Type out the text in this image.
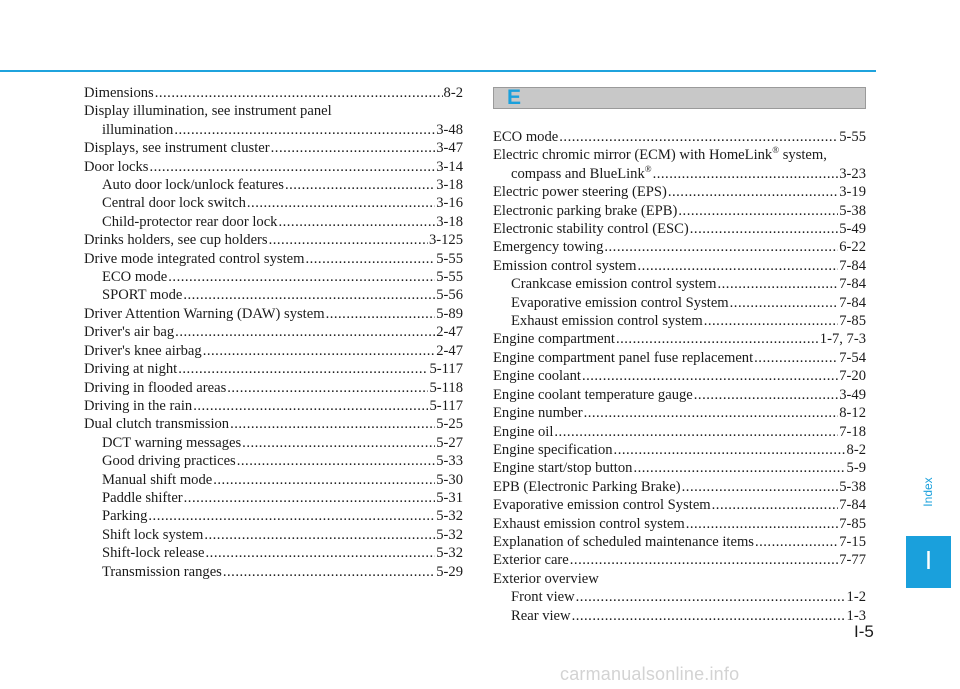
Dimensions .....	8-2
Display illumination, see instrument panel
illumination .....	3-48
Displays, see instrument cluster .....	3-47
Door locks .....	3-14
Auto door lock/unlock features .....	3-18
Central door lock switch .....	3-16
Child-protector rear door lock .....	3-18
Drinks holders, see cup holders .....	3-125
Drive mode integrated control system .....	5-55
ECO mode .....	5-55
SPORT mode .....	5-56
Driver Attention Warning (DAW) system .....	5-89
Driver's air bag .....	2-47
Driver's knee airbag .....	2-47
Driving at night .....	5-117
Driving in flooded areas .....	5-118
Driving in the rain .....	5-117
Dual clutch transmission .....	5-25
DCT warning messages .....	5-27
Good driving practices .....	5-33
Manual shift mode .....	5-30
Paddle shifter .....	5-31
Parking .....	5-32
Shift lock system .....	5-32
Shift-lock release .....	5-32
Transmission ranges .....	5-29
E
ECO mode .....	5-55
Electric chromic mirror (ECM) with HomeLink® system,
compass and BlueLink® .....	3-23
Electric power steering (EPS) .....	3-19
Electronic parking brake (EPB) .....	5-38
Electronic stability control (ESC) .....	5-49
Emergency towing .....	6-22
Emission control system .....	7-84
Crankcase emission control system .....	7-84
Evaporative emission control System .....	7-84
Exhaust emission control system .....	7-85
Engine compartment .....	1-7, 7-3
Engine compartment panel fuse replacement .....	7-54
Engine coolant .....	7-20
Engine coolant temperature gauge .....	3-49
Engine number .....	8-12
Engine oil .....	7-18
Engine specification .....	8-2
Engine start/stop button .....	5-9
EPB (Electronic Parking Brake) .....	5-38
Evaporative emission control System .....	7-84
Exhaust emission control system .....	7-85
Explanation of scheduled maintenance items .....	7-15
Exterior care .....	7-77
Exterior overview
Front view .....	1-2
Rear view .....	1-3
Index
I
I-5
carmanualsonline.info
